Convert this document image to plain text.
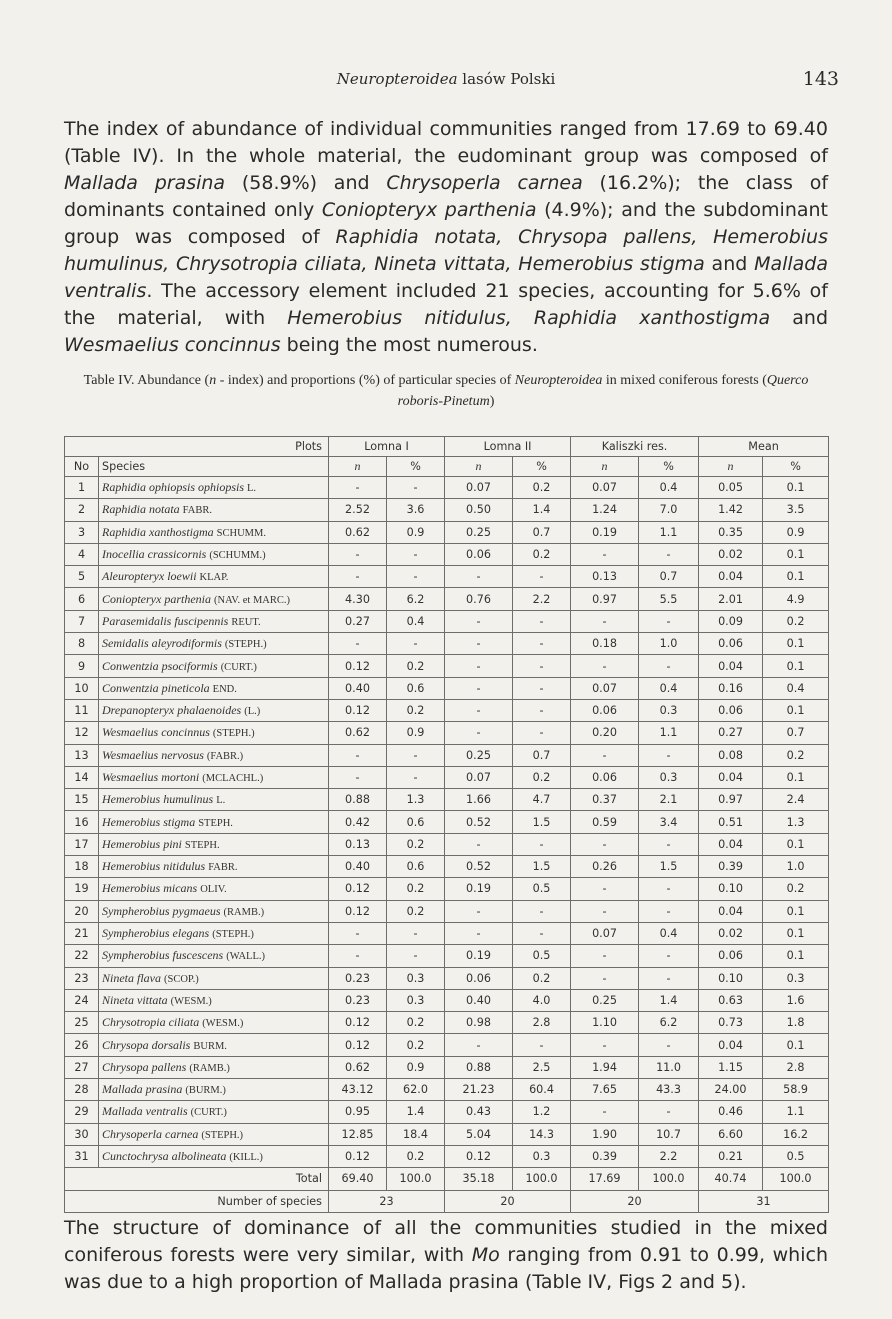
Neuropteroidea lasów Polski	143

The index of abundance of individual communities ranged from 17.69 to 69.40 (Table IV). In the whole material, the eudominant group was composed of Mallada prasina (58.9%) and Chrysoperla carnea (16.2%); the class of dominants contained only Coniopteryx parthenia (4.9%); and the subdominant group was composed of Raphidia notata, Chrysopa pallens, Hemerobius humulinus, Chrysotropia ciliata, Nineta vittata, Hemerobius stigma and Mallada ventralis. The accessory element included 21 species, accounting for 5.6% of the material, with Hemerobius nitidulus, Raphidia xanthostigma and Wesmaelius concinnus being the most numerous.

Table IV. Abundance (n - index) and proportions (%) of particular species of Neuropteroidea in mixed coniferous forests (Querco roboris-Pinetum)
Plots		Lomna I		Lomna II		Kaliszki res.		Mean	
No	Species	n	%	n	%	n	%	n	%
1	Raphidia ophiopsis ophiopsis L.	-	-	0.07	0.2	0.07	0.4	0.05	0.1
2	Raphidia notata FABR.	2.52	3.6	0.50	1.4	1.24	7.0	1.42	3.5
3	Raphidia xanthostigma SCHUMM.	0.62	0.9	0.25	0.7	0.19	1.1	0.35	0.9
4	Inocellia crassicornis (SCHUMM.)	-	-	0.06	0.2	-	-	0.02	0.1
5	Aleuropteryx loewii KLAP.	-	-	-	-	0.13	0.7	0.04	0.1
6	Coniopteryx parthenia (NAV. et MARC.)	4.30	6.2	0.76	2.2	0.97	5.5	2.01	4.9
7	Parasemidalis fuscipennis REUT.	0.27	0.4	-	-	-	-	0.09	0.2
8	Semidalis aleyrodiformis (STEPH.)	-	-	-	-	0.18	1.0	0.06	0.1
9	Conwentzia psociformis (CURT.)	0.12	0.2	-	-	-	-	0.04	0.1
10	Conwentzia pineticola END.	0.40	0.6	-	-	0.07	0.4	0.16	0.4
11	Drepanopteryx phalaenoides (L.)	0.12	0.2	-	-	0.06	0.3	0.06	0.1
12	Wesmaelius concinnus (STEPH.)	0.62	0.9	-	-	0.20	1.1	0.27	0.7
13	Wesmaelius nervosus (FABR.)	-	-	0.25	0.7	-	-	0.08	0.2
14	Wesmaelius mortoni (MCLACHL.)	-	-	0.07	0.2	0.06	0.3	0.04	0.1
15	Hemerobius humulinus L.	0.88	1.3	1.66	4.7	0.37	2.1	0.97	2.4
16	Hemerobius stigma STEPH.	0.42	0.6	0.52	1.5	0.59	3.4	0.51	1.3
17	Hemerobius pini STEPH.	0.13	0.2	-	-	-	-	0.04	0.1
18	Hemerobius nitidulus FABR.	0.40	0.6	0.52	1.5	0.26	1.5	0.39	1.0
19	Hemerobius micans OLIV.	0.12	0.2	0.19	0.5	-	-	0.10	0.2
20	Sympherobius pygmaeus (RAMB.)	0.12	0.2	-	-	-	-	0.04	0.1
21	Sympherobius elegans (STEPH.)	-	-	-	-	0.07	0.4	0.02	0.1
22	Sympherobius fuscescens (WALL.)	-	-	0.19	0.5	-	-	0.06	0.1
23	Nineta flava (SCOP.)	0.23	0.3	0.06	0.2	-	-	0.10	0.3
24	Nineta vittata (WESM.)	0.23	0.3	0.40	4.0	0.25	1.4	0.63	1.6
25	Chrysotropia ciliata (WESM.)	0.12	0.2	0.98	2.8	1.10	6.2	0.73	1.8
26	Chrysopa dorsalis BURM.	0.12	0.2	-	-	-	-	0.04	0.1
27	Chrysopa pallens (RAMB.)	0.62	0.9	0.88	2.5	1.94	11.0	1.15	2.8
28	Mallada prasina (BURM.)	43.12	62.0	21.23	60.4	7.65	43.3	24.00	58.9
29	Mallada ventralis (CURT.)	0.95	1.4	0.43	1.2	-	-	0.46	1.1
30	Chrysoperla carnea (STEPH.)	12.85	18.4	5.04	14.3	1.90	10.7	6.60	16.2
31	Cunctochrysa albolineata (KILL.)	0.12	0.2	0.12	0.3	0.39	2.2	0.21	0.5
Total		69.40	100.0	35.18	100.0	17.69	100.0	40.74	100.0
Number of species		23		20		20		31	

The structure of dominance of all the communities studied in the mixed coniferous forests were very similar, with Mo ranging from 0.91 to 0.99, which was due to a high proportion of Mallada prasina (Table IV, Figs 2 and 5).
